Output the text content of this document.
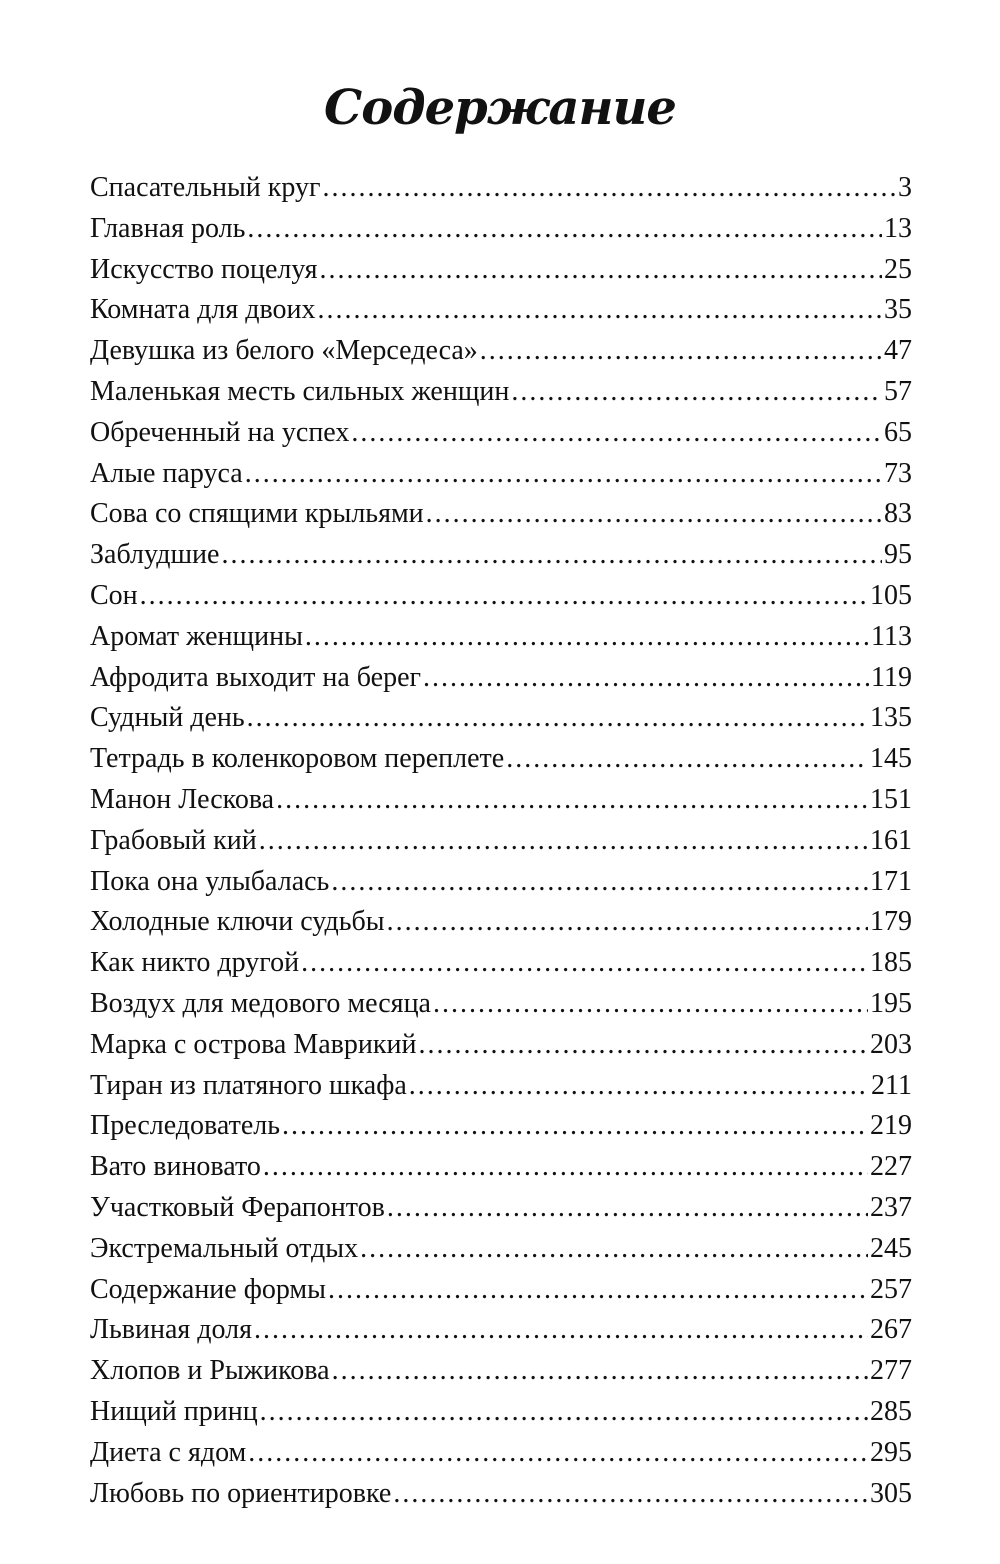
Содержание
Спасательный круг .....	3
Главная роль .....	13
Искусство поцелуя .....	25
Комната для двоих .....	35
Девушка из белого «Мерседеса» .....	47
Маленькая месть сильных женщин .....	57
Обреченный на успех .....	65
Алые паруса .....	73
Сова со спящими крыльями .....	83
Заблудшие .....	95
Сон .....	105
Аромат женщины .....	113
Афродита выходит на берег .....	119
Судный день .....	135
Тетрадь в коленкоровом переплете .....	145
Манон Лескова .....	151
Грабовый кий .....	161
Пока она улыбалась .....	171
Холодные ключи судьбы .....	179
Как никто другой .....	185
Воздух для медового месяца .....	195
Марка с острова Маврикий .....	203
Тиран из платяного шкафа .....	211
Преследователь .....	219
Вато виновато .....	227
Участковый Ферапонтов .....	237
Экстремальный отдых .....	245
Содержание формы .....	257
Львиная доля .....	267
Хлопов и Рыжикова .....	277
Нищий принц .....	285
Диета с ядом .....	295
Любовь по ориентировке .....	305
